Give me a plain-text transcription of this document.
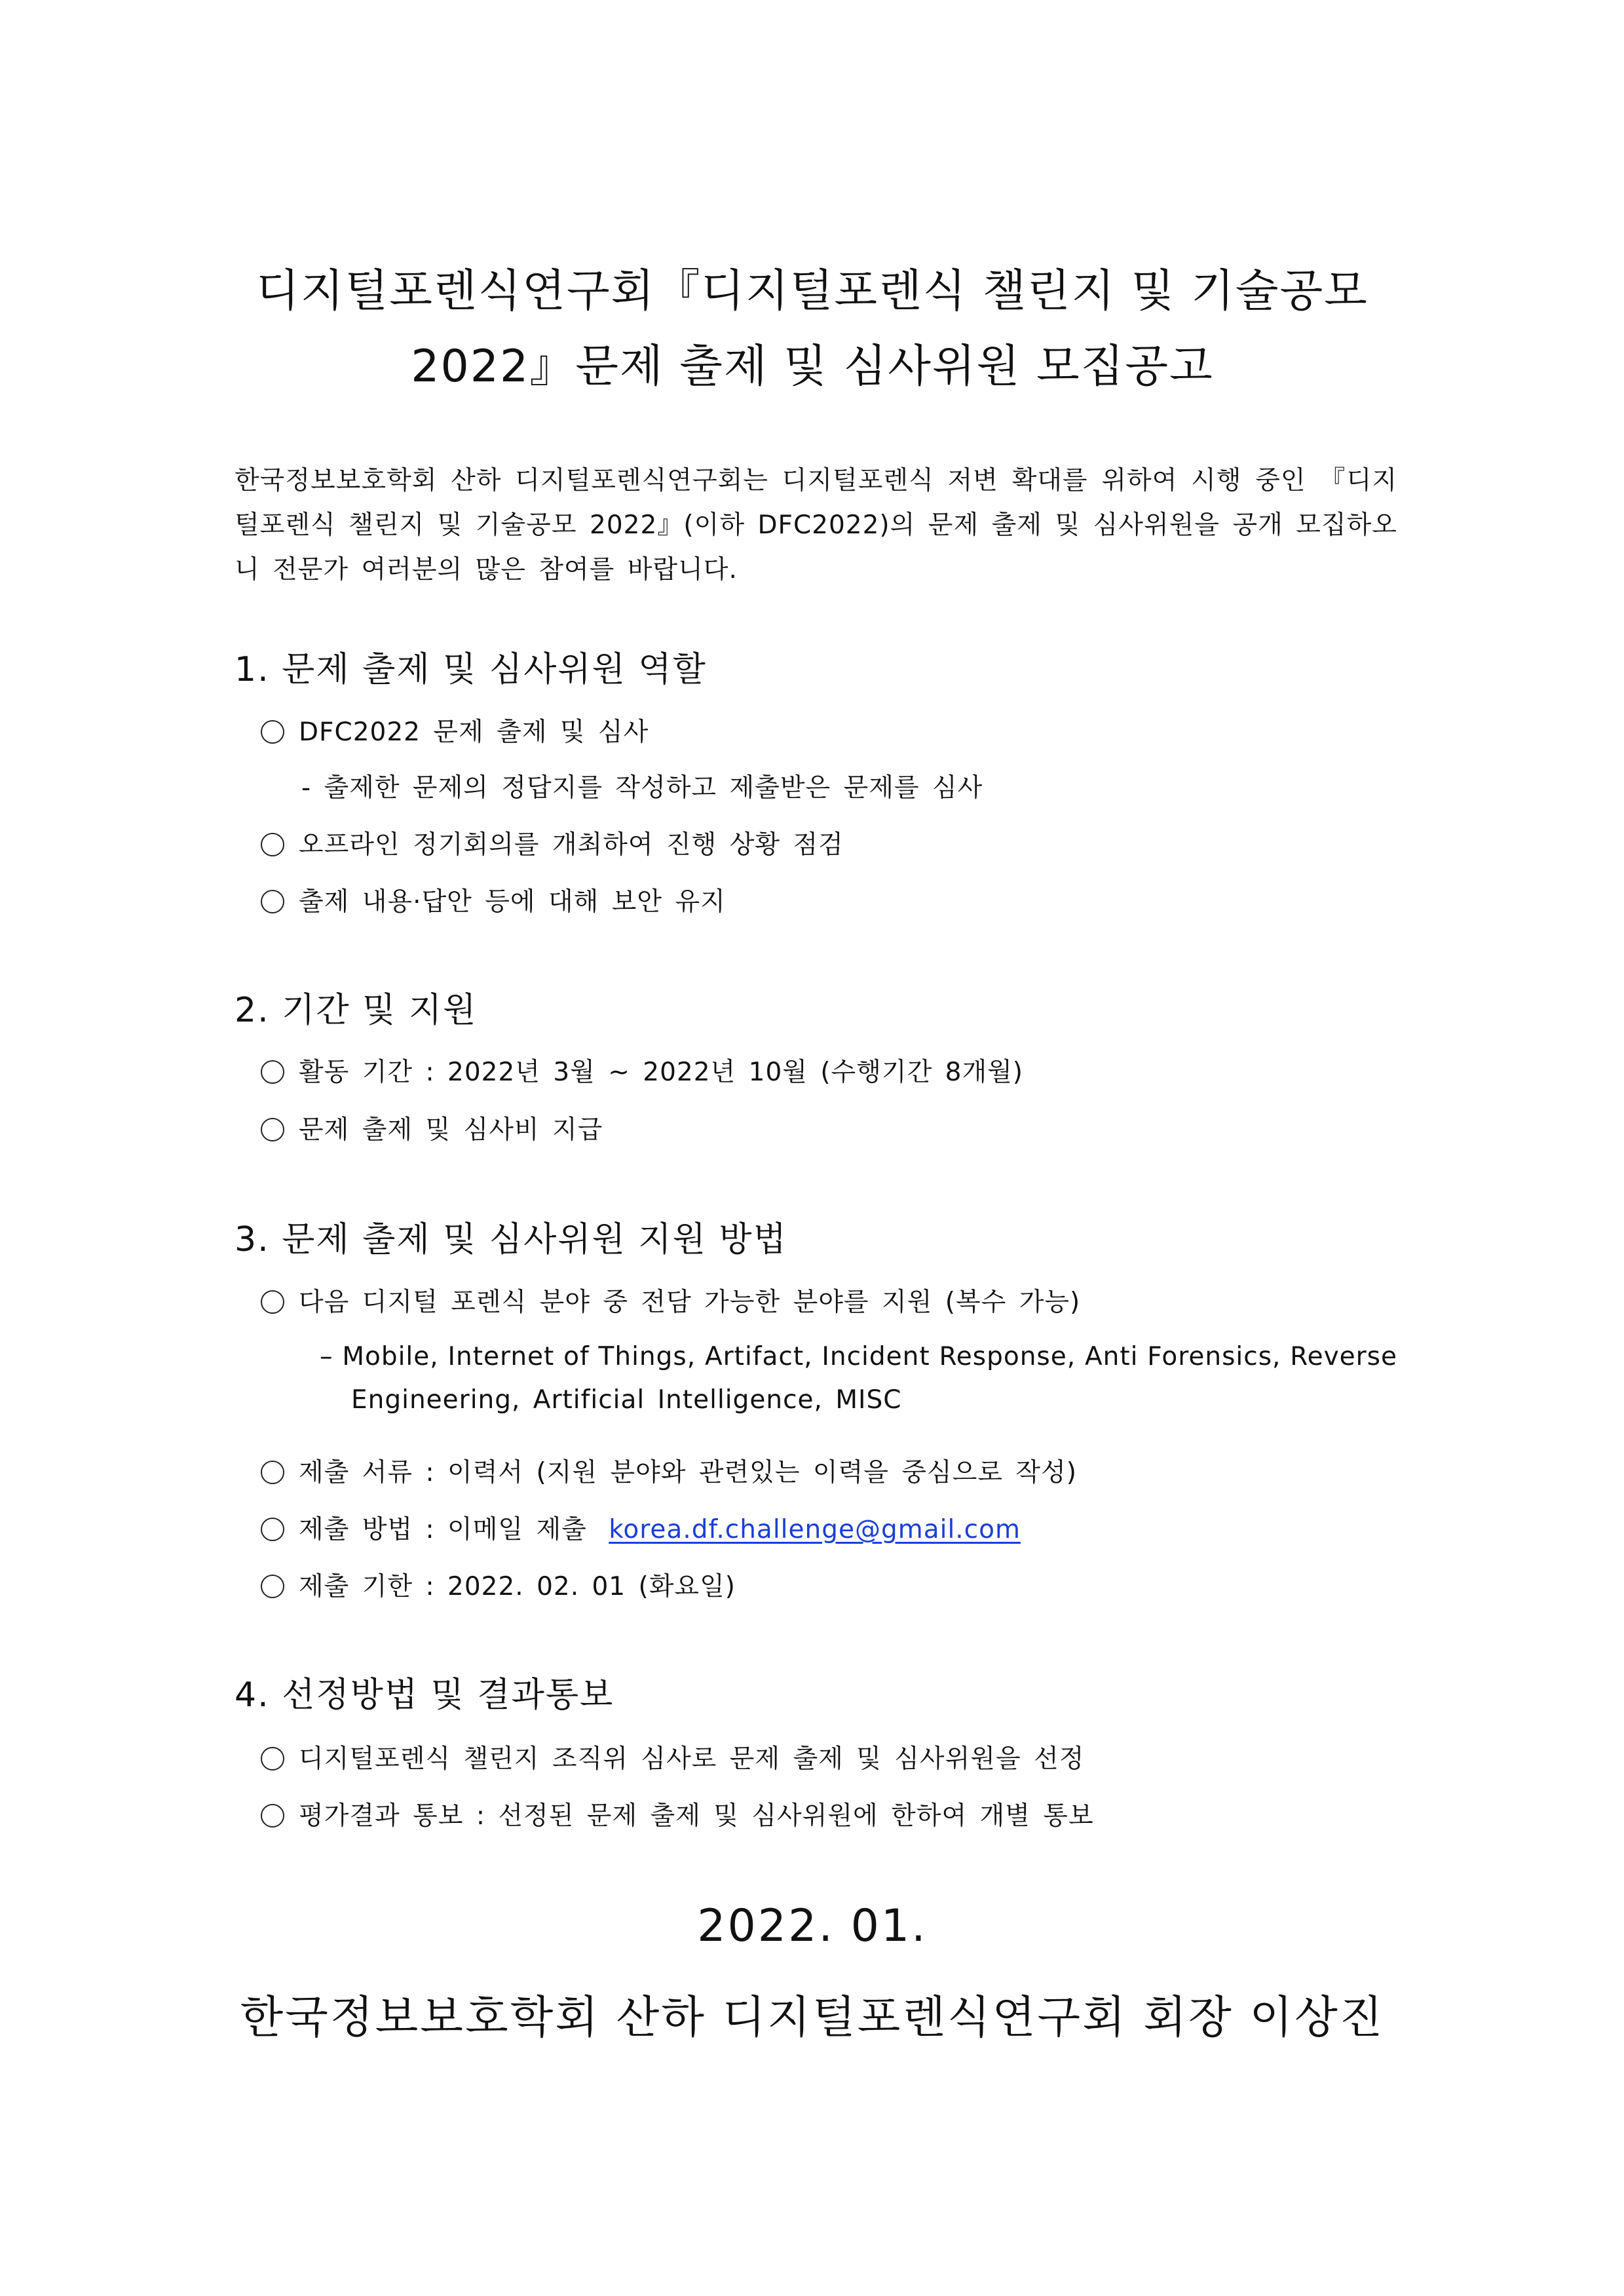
디지털포렌식연구회『디지털포렌식 챌린지 및 기술공모
2022』문제 출제 및 심사위원 모집공고

한국정보보호학회 산하 디지털포렌식연구회는 디지털포렌식 저변 확대를 위하여 시행 중인 『디지털포렌식 챌린지 및 기술공모 2022』(이하 DFC2022)의 문제 출제 및 심사위원을 공개 모집하오니 전문가 여러분의 많은 참여를 바랍니다.

1. 문제 출제 및 심사위원 역할
DFC2022 문제 출제 및 심사
- 출제한 문제의 정답지를 작성하고 제출받은 문제를 심사
오프라인 정기회의를 개최하여 진행 상황 점검
출제 내용·답안 등에 대해 보안 유지
2. 기간 및 지원
활동 기간 : 2022년 3월 ~ 2022년 10월 (수행기간 8개월)
문제 출제 및 심사비 지급
3. 문제 출제 및 심사위원 지원 방법
다음 디지털 포렌식 분야 중 전담 가능한 분야를 지원 (복수 가능)
– Mobile, Internet of Things, Artifact, Incident Response, Anti Forensics, Reverse
Engineering, Artificial Intelligence, MISC
제출 서류 : 이력서 (지원 분야와 관련있는 이력을 중심으로 작성)
제출 방법 : 이메일 제출 korea.df.challenge@gmail.com
제출 기한 : 2022. 02. 01 (화요일)
4. 선정방법 및 결과통보
디지털포렌식 챌린지 조직위 심사로 문제 출제 및 심사위원을 선정
평가결과 통보 : 선정된 문제 출제 및 심사위원에 한하여 개별 통보
2022. 01.
한국정보보호학회 산하 디지털포렌식연구회 회장 이상진
